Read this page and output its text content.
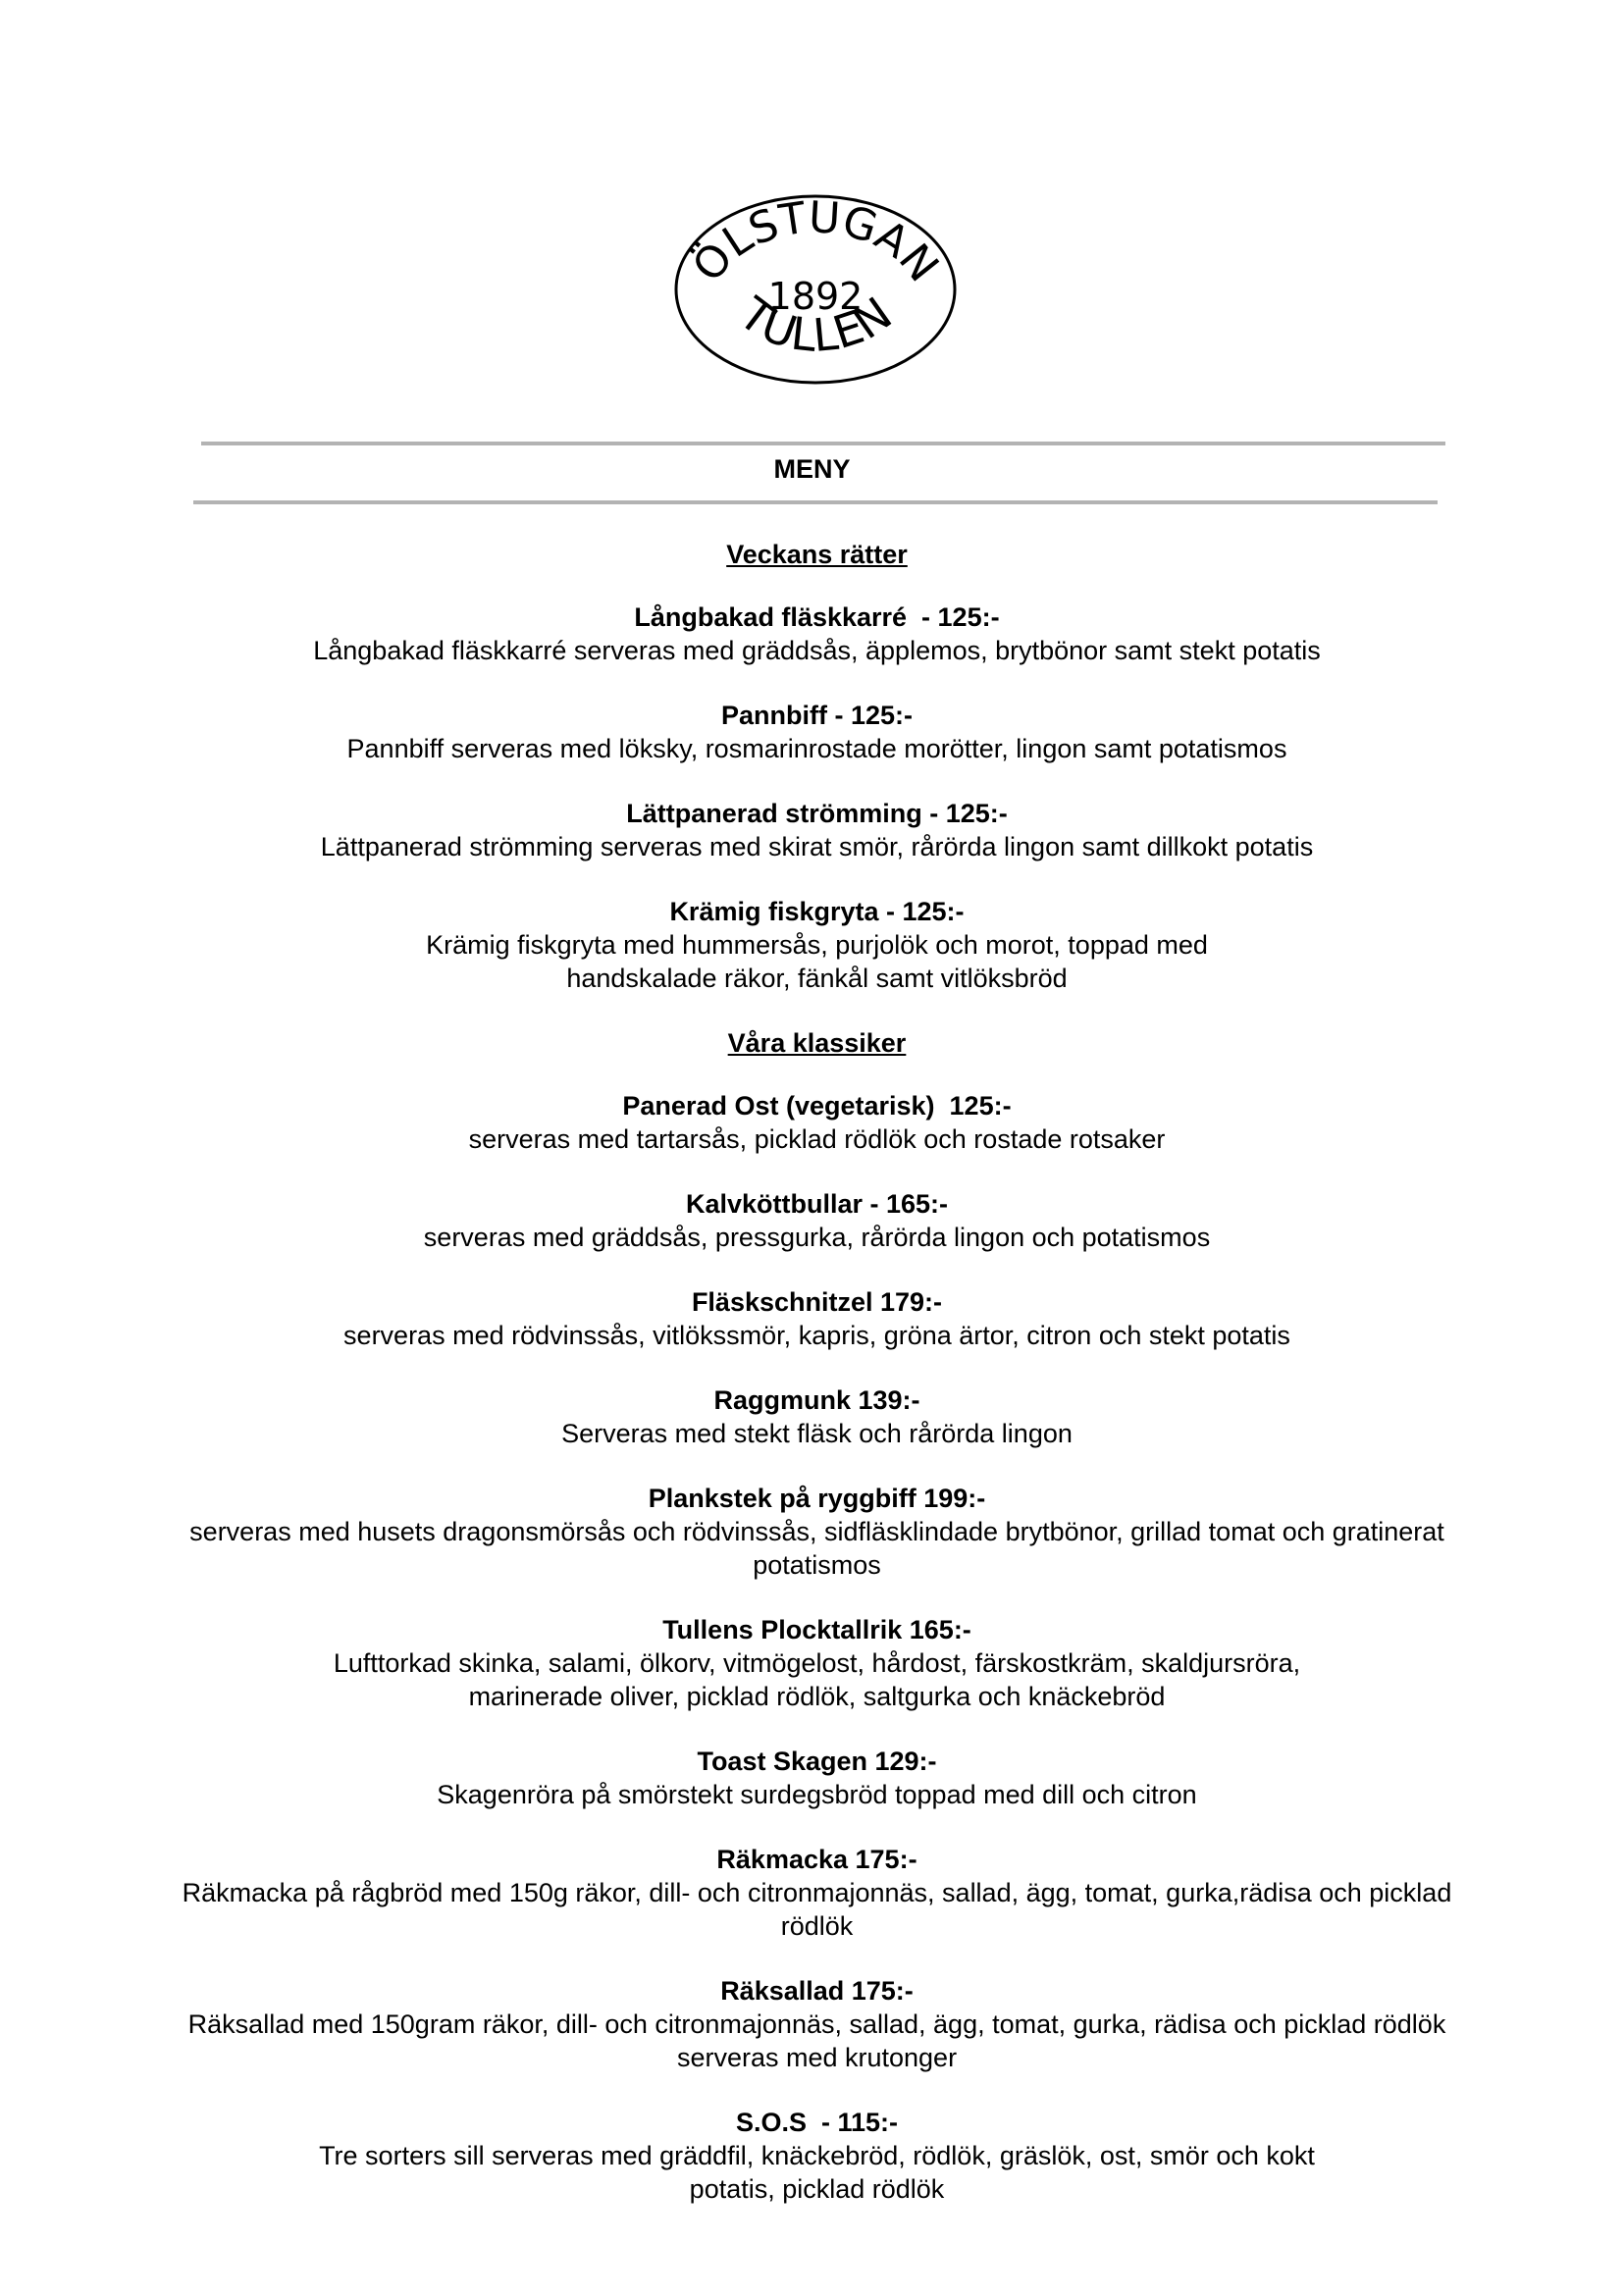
ÖLSTUGAN
1892
TULLEN
MENY
Veckans rätter
Långbakad fläskkarré  - 125:-
Långbakad fläskkarré serveras med gräddsås, äpplemos, brytbönor samt stekt potatis
Pannbiff - 125:-
Pannbiff serveras med löksky, rosmarinrostade morötter, lingon samt potatismos
Lättpanerad strömming - 125:-
Lättpanerad strömming serveras med skirat smör, rårörda lingon samt dillkokt potatis
Krämig fiskgryta - 125:-
Krämig fiskgryta med hummersås, purjolök och morot, toppad med handskalade räkor, fänkål samt vitlöksbröd
Våra klassiker
Panerad Ost (vegetarisk)  125:-
serveras med tartarsås, picklad rödlök och rostade rotsaker
Kalvköttbullar - 165:-
serveras med gräddsås, pressgurka, rårörda lingon och potatismos
Fläskschnitzel 179:-
serveras med rödvinssås, vitlökssmör, kapris, gröna ärtor, citron och stekt potatis
Raggmunk 139:-
Serveras med stekt fläsk och rårörda lingon
Plankstek på ryggbiff 199:-
serveras med husets dragonsmörsås och rödvinssås, sidfläsklindade brytbönor, grillad tomat och gratinerat potatismos
Tullens Plocktallrik 165:-
Lufttorkad skinka, salami, ölkorv, vitmögelost, hårdost, färskostkräm, skaldjursröra, marinerade oliver, picklad rödlök, saltgurka och knäckebröd
Toast Skagen 129:-
Skagenröra på smörstekt surdegsbröd toppad med dill och citron
Räkmacka 175:-
Räkmacka på rågbröd med 150g räkor, dill- och citronmajonnäs, sallad, ägg, tomat, gurka,rädisa och picklad rödlök
Räksallad 175:-
Räksallad med 150gram räkor, dill- och citronmajonnäs, sallad, ägg, tomat, gurka, rädisa och picklad rödlök serveras med krutonger
S.O.S  - 115:-
Tre sorters sill serveras med gräddfil, knäckebröd, rödlök, gräslök, ost, smör och kokt potatis, picklad rödlök
